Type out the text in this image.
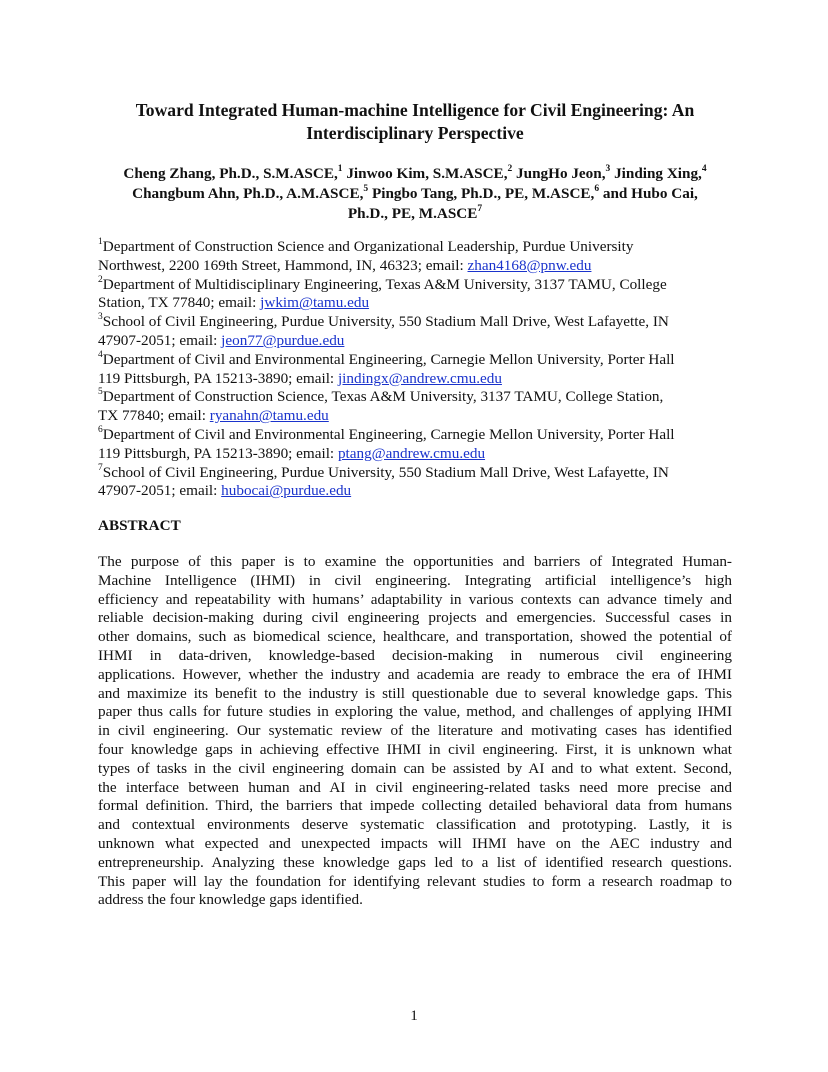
Toward Integrated Human-machine Intelligence for Civil Engineering: An
Interdisciplinary Perspective
Cheng Zhang, Ph.D., S.M.ASCE,$^1$ Jinwoo Kim, S.M.ASCE,$^2$ JungHo Jeon,$^3$ Jinding Xing,$^4$
Changbum Ahn, Ph.D., A.M.ASCE,$^5$ Pingbo Tang, Ph.D., PE, M.ASCE,$^6$ and Hubo Cai,
Ph.D., PE, M.ASCE$^7$
$^1$Department of Construction Science and Organizational Leadership, Purdue University
Northwest, 2200 169th Street, Hammond, IN, 46323; email: zhan4168@pnw.edu
$^2$Department of Multidisciplinary Engineering, Texas A&M University, 3137 TAMU, College
Station, TX 77840; email: jwkim@tamu.edu
$^3$School of Civil Engineering, Purdue University, 550 Stadium Mall Drive, West Lafayette, IN
47907-2051; email: jeon77@purdue.edu
$^4$Department of Civil and Environmental Engineering, Carnegie Mellon University, Porter Hall
119 Pittsburgh, PA 15213-3890; email: jindingx@andrew.cmu.edu
$^5$Department of Construction Science, Texas A&M University, 3137 TAMU, College Station,
TX 77840; email: ryanahn@tamu.edu
$^6$Department of Civil and Environmental Engineering, Carnegie Mellon University, Porter Hall
119 Pittsburgh, PA 15213-3890; email: ptang@andrew.cmu.edu
$^7$School of Civil Engineering, Purdue University, 550 Stadium Mall Drive, West Lafayette, IN
47907-2051; email: hubocai@purdue.edu
ABSTRACT
The purpose of this paper is to examine the opportunities and barriers of Integrated Human-
Machine Intelligence (IHMI) in civil engineering. Integrating artificial intelligence’s high
efficiency and repeatability with humans’ adaptability in various contexts can advance timely and
reliable decision-making during civil engineering projects and emergencies. Successful cases in
other domains, such as biomedical science, healthcare, and transportation, showed the potential of
IHMI in data-driven, knowledge-based decision-making in numerous civil engineering
applications. However, whether the industry and academia are ready to embrace the era of IHMI
and maximize its benefit to the industry is still questionable due to several knowledge gaps. This
paper thus calls for future studies in exploring the value, method, and challenges of applying IHMI
in civil engineering. Our systematic review of the literature and motivating cases has identified
four knowledge gaps in achieving effective IHMI in civil engineering. First, it is unknown what
types of tasks in the civil engineering domain can be assisted by AI and to what extent. Second,
the interface between human and AI in civil engineering-related tasks need more precise and
formal definition. Third, the barriers that impede collecting detailed behavioral data from humans
and contextual environments deserve systematic classification and prototyping. Lastly, it is
unknown what expected and unexpected impacts will IHMI have on the AEC industry and
entrepreneurship. Analyzing these knowledge gaps led to a list of identified research questions.
This paper will lay the foundation for identifying relevant studies to form a research roadmap to
address the four knowledge gaps identified.
1
